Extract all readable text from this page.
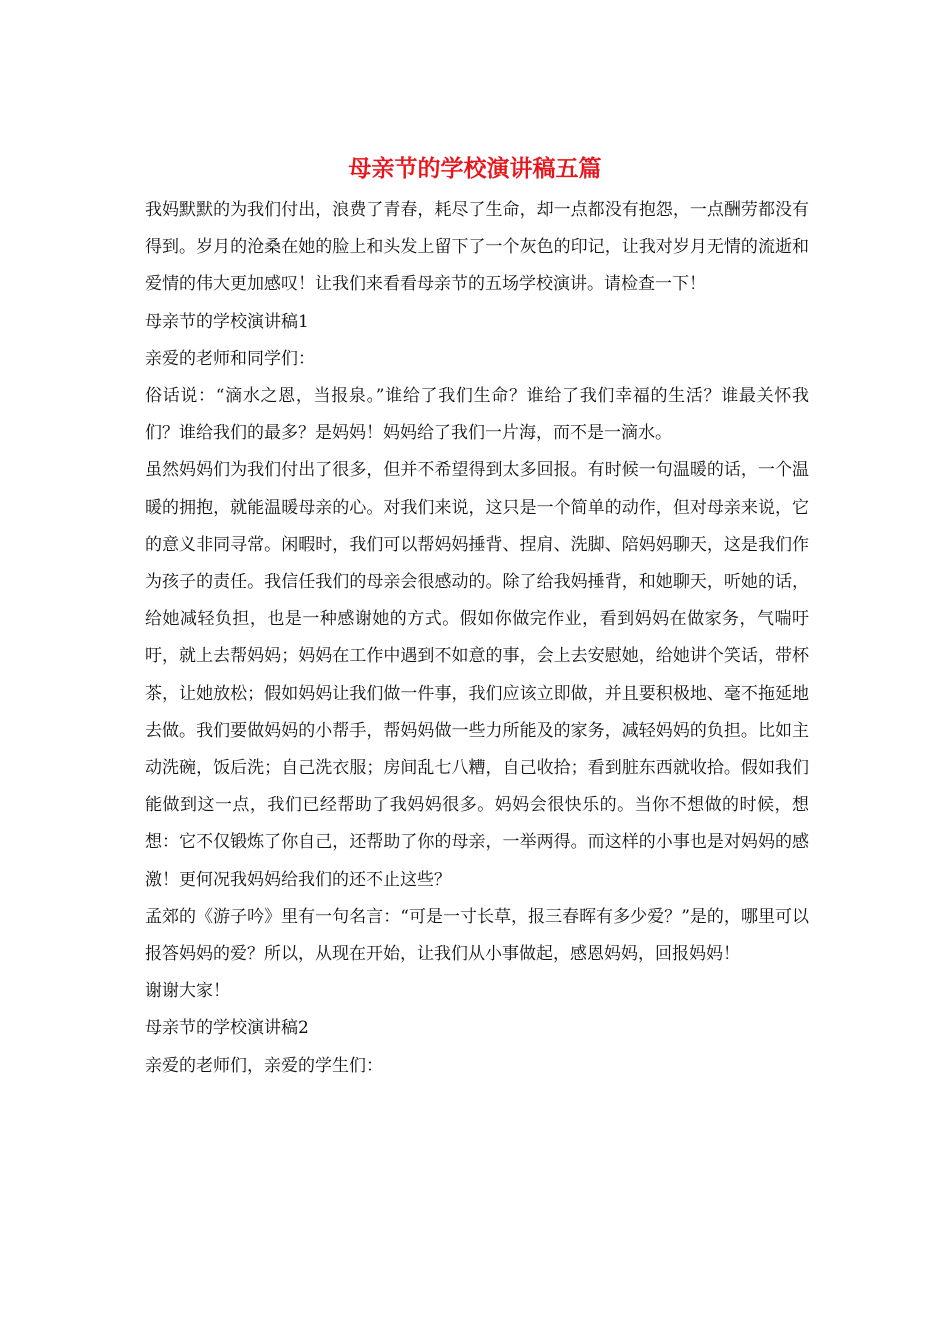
母亲节的学校演讲稿五篇

我妈默默的为我们付出，浪费了青春，耗尽了生命，却一点都没有抱怨，一点酬劳都没有得到。岁月的沧桑在她的脸上和头发上留下了一个灰色的印记，让我对岁月无情的流逝和爱情的伟大更加感叹！让我们来看看母亲节的五场学校演讲。请检查一下！

母亲节的学校演讲稿1

亲爱的老师和同学们：

俗话说：“滴水之恩，当报泉。”谁给了我们生命？谁给了我们幸福的生活？谁最关怀我们？谁给我们的最多？是妈妈！妈妈给了我们一片海，而不是一滴水。

虽然妈妈们为我们付出了很多，但并不希望得到太多回报。有时候一句温暖的话，一个温暖的拥抱，就能温暖母亲的心。对我们来说，这只是一个简单的动作，但对母亲来说，它的意义非同寻常。闲暇时，我们可以帮妈妈捶背、捏肩、洗脚、陪妈妈聊天，这是我们作为孩子的责任。我信任我们的母亲会很感动的。除了给我妈捶背，和她聊天，听她的话，给她减轻负担，也是一种感谢她的方式。假如你做完作业，看到妈妈在做家务，气喘吁吁，就上去帮妈妈；妈妈在工作中遇到不如意的事，会上去安慰她，给她讲个笑话，带杯茶，让她放松；假如妈妈让我们做一件事，我们应该立即做，并且要积极地、毫不拖延地去做。我们要做妈妈的小帮手，帮妈妈做一些力所能及的家务，减轻妈妈的负担。比如主动洗碗，饭后洗；自己洗衣服；房间乱七八糟，自己收拾；看到脏东西就收拾。假如我们能做到这一点，我们已经帮助了我妈妈很多。妈妈会很快乐的。当你不想做的时候，想想：它不仅锻炼了你自己，还帮助了你的母亲，一举两得。而这样的小事也是对妈妈的感激！更何况我妈妈给我们的还不止这些？

孟郊的《游子吟》里有一句名言：“可是一寸长草，报三春晖有多少爱？”是的，哪里可以报答妈妈的爱？所以，从现在开始，让我们从小事做起，感恩妈妈，回报妈妈！

谢谢大家！

母亲节的学校演讲稿2

亲爱的老师们，亲爱的学生们：
